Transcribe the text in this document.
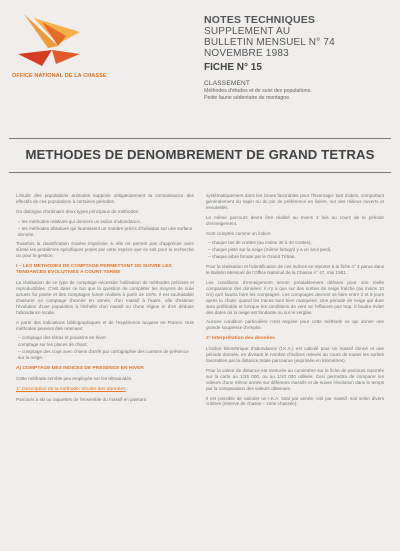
OFFICE NATIONAL DE LA CHASSE
NOTES TECHNIQUES
SUPPLEMENT AU
BULLETIN MENSUEL N° 74
NOVEMBRE 1983
FICHE N° 15
CLASSEMENT
Méthodes d'études et de suivi des populations.
Petite faune sédentaire de montagne.
METHODES DE DENOMBREMENT DE GRAND TETRAS

L'étude des populations animales suppose obligatoirement la connaissance des effectifs de ces populations à certaines périodes.

On distingue d'ordinaire deux types principaux de méthodes:

– les méthodes relatives qui donnent un indice d'abondance,
– les méthodes absolues qui fournissent un nombre précis d'individus sur une surface donnée.

Toutefois la classification s'avère imprécise si elle ne permet pas d'apprécier avec sûreté les problèmes spécifiques posés par cette espèce que ce soit pour la recherche ou pour la gestion.

I – LES METHODES DE COMPTAGE PERMETTANT DE SUIVRE LES TENDANCES EVOLUTIVES A COURT TERME

La réalisation de ce type de comptage nécessite l'utilisation de méthodes précises et reproductibles. C'est dans ce but que la question de compléter les moyens de suivi actuels fut posée et des comptages furent réalisés à partir de 1976. Il est souhaitable d'assurer un comptage d'année en année, d'un massif à l'autre, afin d'estimer l'évolution d'une population à l'échelle d'un massif ou d'une région et d'en déduire l'abondance locale.

A partir des indications bibliographiques et de l'expérience acquise en France, trois méthodes peuvent être retenues:

– comptage des tétras et poussins en hiver:
comptage sur les places de chant;
– comptage des coqs avec chiens d'arrêt par cartographie des cantons de présence sur la neige.
A) COMPTAGE DES INDICES DE PRESENCE EN HIVER

Cette méthode semble peu employée sur les tétraonidés.

1° Description de la méthode: récolte des données

Parcours à ski ou raquettes de l'ensemble du massif en passant

systématiquement dans les zones favorables pour l'hivernage: tant d'abris, comportant généralement du sapin ou du pin de préférence en lisière, sur des milieux ouverts et ensoleillés.

Le même parcours devra être réalisé au moins 3 fois au cours de la période d'enneigement.

Sont comptés comme un indice:

– chaque tas de crottes (au moins 30 à 40 crottes),
– chaque piste sur la neige (même lorsqu'il y a un seul pied),
– chaque arbre broute par le Grand Tétras.

Pour la réalisation et l'identification de ces indices se reporter à la fiche n° 4 parue dans le Bulletin Mensuel de l'Office National de la Chasse n° 47, mai 1981.

Les conditions d'enneigement seront préalablement définies pour une réelle comparaison des données: il n'y a que sur des sorties de neige fraîche (au moins 10 cm) qu'il faudra faire les comptages. Les comptages devront se faire entre 3 et 8 jours après la chute, quand les traces sont bien marquées. Une période de neige qui dure sera préférable et lorsque les conditions de vent ne l'effacent pas trop. Il faudra éviter des dates où la neige est fondante ou sur le verglas.

Aucune condition particulière n'est requise pour cette méthode ce qui donne une grande souplesse d'emploi.

2° Interprétation des données

L'indice kilométrique d'abondance (I.K.A.) est calculé pour un massif donné et une période donnée, en divisant le nombre d'indices relevés au cours de toutes les sorties favorables par la distance totale parcourue (exprimée en kilomètres).

Pour la valeur de distance est mesurée au curvimètre sur la fiche de parcours reportée sur la carte au 1/25 000, ou au 1/10 000 utilisée. Ceci permettra de comparer les valeurs d'une même année sur différents massifs et de suivre l'évolution dans le temps par la comparaison des valeurs obtenues.

Il est possible de calculer un I.K.A. total par année, soit par massif, soit selon divers critères (réserve de chasse – zone chassée).
